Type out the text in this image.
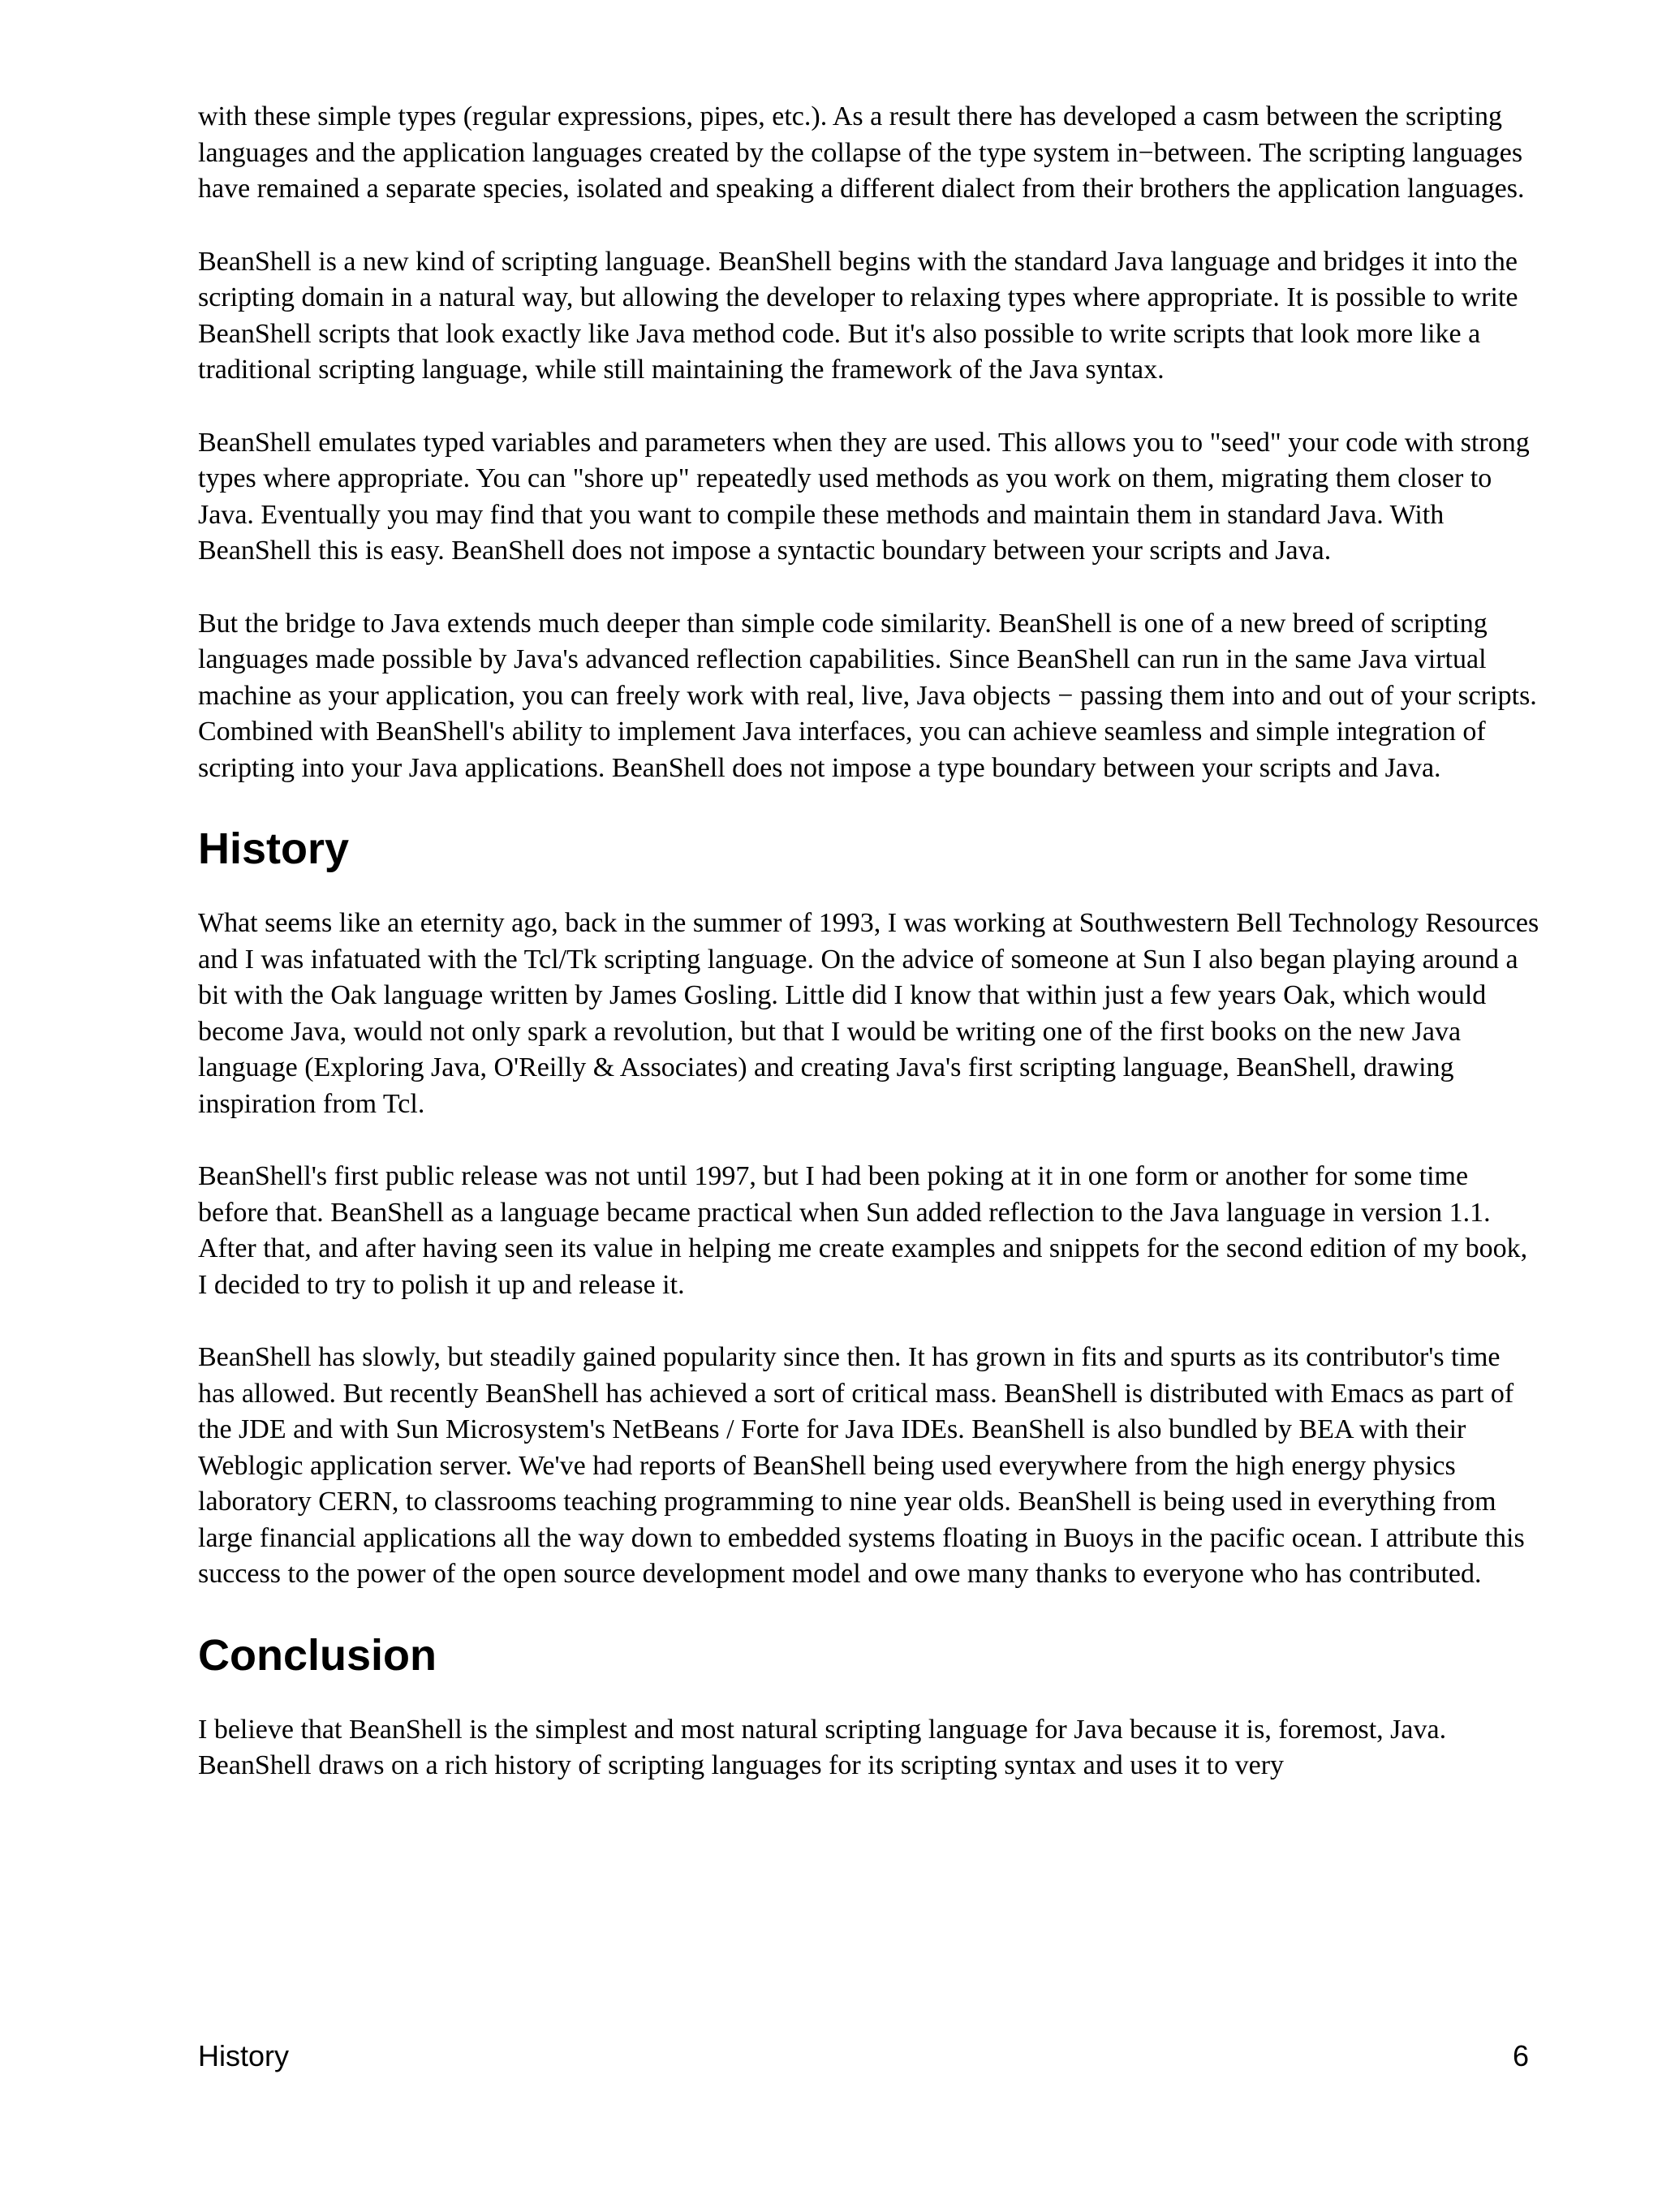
with these simple types (regular expressions, pipes, etc.). As a result there has developed a casm between the scripting languages and the application languages created by the collapse of the type system in−between. The scripting languages have remained a separate species, isolated and speaking a different dialect from their brothers the application languages.

BeanShell is a new kind of scripting language. BeanShell begins with the standard Java language and bridges it into the scripting domain in a natural way, but allowing the developer to relaxing types where appropriate. It is possible to write BeanShell scripts that look exactly like Java method code. But it's also possible to write scripts that look more like a traditional scripting language, while still maintaining the framework of the Java syntax.

BeanShell emulates typed variables and parameters when they are used. This allows you to "seed" your code with strong types where appropriate. You can "shore up" repeatedly used methods as you work on them, migrating them closer to Java. Eventually you may find that you want to compile these methods and maintain them in standard Java. With BeanShell this is easy. BeanShell does not impose a syntactic boundary between your scripts and Java.

But the bridge to Java extends much deeper than simple code similarity. BeanShell is one of a new breed of scripting languages made possible by Java's advanced reflection capabilities. Since BeanShell can run in the same Java virtual machine as your application, you can freely work with real, live, Java objects − passing them into and out of your scripts. Combined with BeanShell's ability to implement Java interfaces, you can achieve seamless and simple integration of scripting into your Java applications. BeanShell does not impose a type boundary between your scripts and Java.

History

What seems like an eternity ago, back in the summer of 1993, I was working at Southwestern Bell Technology Resources and I was infatuated with the Tcl/Tk scripting language. On the advice of someone at Sun I also began playing around a bit with the Oak language written by James Gosling. Little did I know that within just a few years Oak, which would become Java, would not only spark a revolution, but that I would be writing one of the first books on the new Java language (Exploring Java, O'Reilly & Associates) and creating Java's first scripting language, BeanShell, drawing inspiration from Tcl.

BeanShell's first public release was not until 1997, but I had been poking at it in one form or another for some time before that. BeanShell as a language became practical when Sun added reflection to the Java language in version 1.1. After that, and after having seen its value in helping me create examples and snippets for the second edition of my book, I decided to try to polish it up and release it.

BeanShell has slowly, but steadily gained popularity since then. It has grown in fits and spurts as its contributor's time has allowed. But recently BeanShell has achieved a sort of critical mass. BeanShell is distributed with Emacs as part of the JDE and with Sun Microsystem's NetBeans / Forte for Java IDEs. BeanShell is also bundled by BEA with their Weblogic application server. We've had reports of BeanShell being used everywhere from the high energy physics laboratory CERN, to classrooms teaching programming to nine year olds. BeanShell is being used in everything from large financial applications all the way down to embedded systems floating in Buoys in the pacific ocean. I attribute this success to the power of the open source development model and owe many thanks to everyone who has contributed.

Conclusion

I believe that BeanShell is the simplest and most natural scripting language for Java because it is, foremost, Java. BeanShell draws on a rich history of scripting languages for its scripting syntax and uses it to very

History	6
